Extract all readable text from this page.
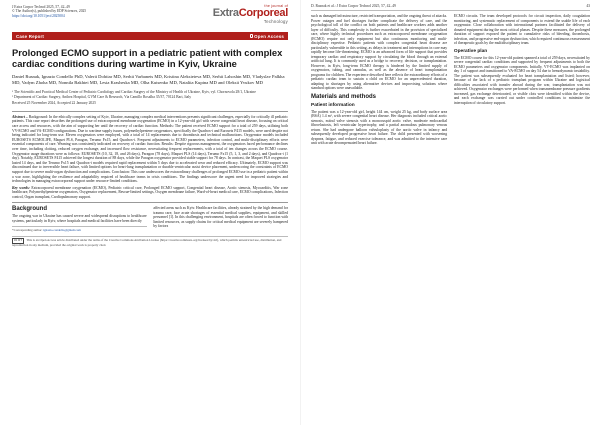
J Extra Corpor Technol 2025, 57, 42–49
© The Author(s), published by EDP Sciences, 2025
https://doi.org/10.1051/ject/2025004
the journal of
ExtraCorporeal
Technology
Case Report	Open Access
Prolonged ECMO support in a pediatric patient with complex cardiac conditions during wartime in Kyiv, Ukraine
Daniel Rusnak, Ignazio Condello PhD, Valerii Dohtiar MD, Serhii Varbanets MD, Kristina Aleksieieva MD, Serhii Lahoshin MD, Vladyslav Palkha MD, Vadym Zhoha MD, Nonnila Bakhtei MD, Lesia Krasheska MD, Olha Kutsenko MD, Nataliia Kupina MD and Oleksii Yvukov MD
¹ The Scientific and Practical Medical Center of Pediatric Cardiology and Cardiac Surgery of the Ministry of Health of Ukraine, Kyiv, vyl. Chornovola 28/1, Ukraine
² Department of Cardiac Surgery, Anthea Hospital, GVM Care & Research, Via Camillo Rosalba 35/37, 70124 Bari, Italy
Received 25 November 2024, Accepted 22 January 2025

Abstract – Background: In the ethically complex setting of Kyiv, Ukraine, managing complex medical interventions presents significant challenges, especially for critically ill pediatric patients. This case report describes the prolonged use of extracorporeal membrane oxygenation (ECMO) in a 12-year-old girl with severe congenital heart disease, focusing on critical care access and resources, with the aim of supporting her until the recovery of cardiac function. Methods: The patient received ECMO support for a total of 259 days, utilizing both VV-ECMO and VA-ECMO configurations. Due to wartime supply issues, polymethylpentene oxygenators, specifically the Quadrox-i and Eurosets F415 models, were used despite not being indicated for long-term use. Eleven oxygenators were employed, with a total of 14 replacements due to thrombosis and technical malfunctions. Oxygenator models included EUROSETS ECMOLIFE, Maquet PLS, Paragon, Terumo Fx15, and Quadrox-i. Frequent adjustments to ECMO parameters, infection control, and multi-disciplinary efforts were essential components of care. Weaning was consistently indicated on recovery of cardiac function. Results: Despite rigorous management, the oxygenators faced performance declines over time, including clotting, reduced oxygen exchange, and increased flow resistance, necessitating frequent replacements, with a total of ten changes across the ECMO course. Oxygenator usage durations were as follows: EUROSETS (10, 32, 18, and 26 days), Paragon (78 days), Maquet PLS (14 days), Terumo Fx15 (5, 1, 3, and 2 days), and Quadrox-i (1 day). Notably, EUROSETS F415 achieved the longest duration of 88 days, while the Paragon oxygenator provided stable support for 78 days. In contrast, the Maquet PLS oxygenator lasted 14 days, and the Terumo Fx15 and Quadrox-i models required rapid replacement within 5 days due to accelerated wear and reduced efficacy. Ultimately, ECMO support was discontinued due to irreversible heart failure, with limited options for heart-lung transplantation or durable ventricular assist device placement, underscoring the constraints of ECMO support due to severe multi-organ dysfunction and complications. Conclusion: This case underscores the extraordinary challenges of prolonged ECMO use in a pediatric patient within a war zone, highlighting the resilience and adaptability required of healthcare teams in crisis conditions. The findings underscore the urgent need for improved strategies and technologies in managing extracorporeal support under resource-limited conditions.

Key words: Extracorporeal membrane oxygenation (ECMO), Pediatric critical care, Prolonged ECMO support, Congenital heart disease, Aortic stenosis, Myocarditis, War zone healthcare, Polymethylpentene oxygenators, Oxygenator replacement, Rescue-limited settings, Oxygen membrane failure, Ward-of-heart medical care, ECMO complications, Infection control, Organ transplant, Cardiopulmonary support.

Background

The ongoing war in Ukraine has caused severe and widespread disruptions to healthcare systems, particularly in Kyiv, where hospitals and medical facilities have been directly

*Corresponding author: ignazio.condello@gmail.com

affected areas such as Kyiv. Healthcare facilities, already strained by the high demand for trauma care, face acute shortages of essential medical supplies, equipment, and skilled personnel [1]. In this challenging environment, hospitals are often forced to function with limited resources, as supply chains for critical medical equipment are severely hampered by factors

cc BY This is an Open Access article distributed under the terms of the Creative Commons Attribution License (https://creativecommons.org/licenses/by/4.0), which permits unrestricted use, distribution, and reproduction in any medium, provided the original work is properly cited.
D. Rusnak et al.: J Extra Corpor Technol 2025, 57, 42–49	43

such as damaged infrastructure, restricted transportation, and the ongoing threat of attacks. Power outages and fuel shortages further complicate the delivery of care, and the psychological toll of the conflict on both patients and healthcare workers adds another layer of difficulty. This complexity is further exacerbated in the provision of specialized care, where highly technical procedures such as extracorporeal membrane oxygenation (ECMO) require not only equipment but also continuous monitoring and multi-disciplinary expertise. Pediatric patients with complex congenital heart disease are particularly vulnerable in this setting, as delays in treatment and interruptions in care may rapidly become life-threatening. ECMO is an advanced form of life support that provides temporary cardiac and respiratory support by circulating the blood through an external artificial lung. It is commonly used as a bridge to recovery, decision, or transplantation. However, in Kyiv, long-term ECMO therapy is hindered by the limited supply of oxygenators, tubing, and cannulas, as well as the absence of heart transplantation programs for children. The experience described here reflects the extraordinary efforts of a pediatric cardiac team to sustain a child on ECMO for an unprecedented duration, adapting to shortages by using alternative devices and improvising solutions where standard options were unavailable.

Materials and methods
Patient information

The patient was a 12-year-old girl, height 144 cm, weight 25 kg, and body surface area (BSA) 1.4 m², with severe congenital heart disease. Her diagnosis included critical aortic stenosis, mitral valve stenosis with a monocuspid aortic valve, moderate endocardial fibroelastosis, left ventricular hypertrophy, and a partial anomalous pulmonary venous return. She had undergone balloon valvuloplasty of the aortic valve in infancy and subsequently developed progressive heart failure. The child presented with worsening dyspnea, fatigue, and reduced exercise tolerance, and was admitted to the intensive care unit with acute decompensated heart failure.

ECMO circuits. The team developed protocols for circuit inspection, daily coagulation monitoring, and systematic replacement of components to extend the usable life of each oxygenator. Close collaboration with international partners facilitated the delivery of donated equipment during the most critical phases. Despite these measures, the prolonged duration of support exposed the patient to cumulative risks of bleeding, thrombosis, infection, and progressive end-organ dysfunction, which required continuous reassessment of therapeutic goals by the multidisciplinary team.

Operative plan

The ECMO course for this 12-year-old patient spanned a total of 259 days, necessitated by severe congenital cardiac conditions and supported by frequent adjustments to both the ECMO parameters and oxygenator components. Initially, VV-ECMO was implanted on day 1 of support and transitioned to VA-ECMO on day 54 due to hemodynamic instability. The patient was subsequently evaluated for heart transplantation and listed; however, because of the lack of a pediatric transplant program within Ukraine and logistical difficulties associated with transfer abroad during the war, transplantation was not achieved. Oxygenator exchanges were performed when transmembrane pressure gradients increased, gas exchange deteriorated, or visible clots were identified within the device, and each exchange was carried out under controlled conditions to minimize the interruption of circulatory support.
